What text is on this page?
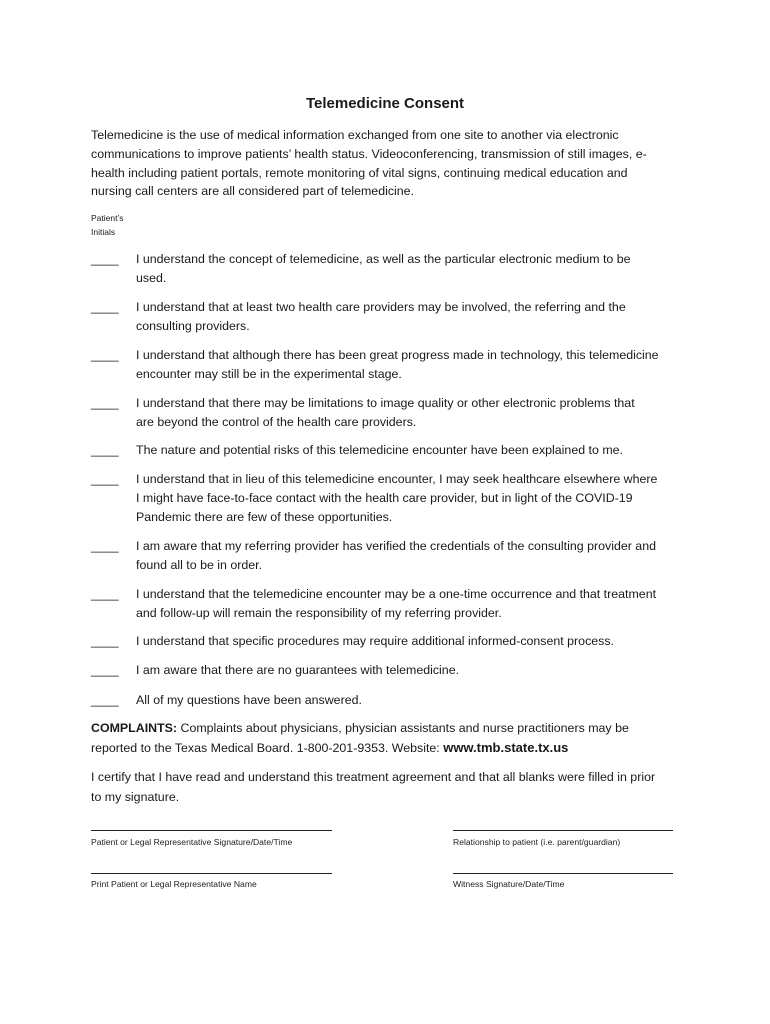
Telemedicine Consent
Telemedicine is the use of medical information exchanged from one site to another via electronic
communications to improve patients’ health status. Videoconferencing, transmission of still images, e-
health including patient portals, remote monitoring of vital signs, continuing medical education and
nursing call centers are all considered part of telemedicine.
Patient’s
Initials
____ I understand the concept of telemedicine, as well as the particular electronic medium to be
used.
____ I understand that at least two health care providers may be involved, the referring and the
consulting providers.
____ I understand that although there has been great progress made in technology, this telemedicine
encounter may still be in the experimental stage.
____ I understand that there may be limitations to image quality or other electronic problems that
are beyond the control of the health care providers.
____ The nature and potential risks of this telemedicine encounter have been explained to me.
____ I understand that in lieu of this telemedicine encounter, I may seek healthcare elsewhere where
I might have face-to-face contact with the health care provider, but in light of the COVID-19
Pandemic there are few of these opportunities.
____ I am aware that my referring provider has verified the credentials of the consulting provider and
found all to be in order.
____ I understand that the telemedicine encounter may be a one-time occurrence and that treatment
and follow-up will remain the responsibility of my referring provider.
____ I understand that specific procedures may require additional informed-consent process.
____ I am aware that there are no guarantees with telemedicine.
____ All of my questions have been answered.
COMPLAINTS: Complaints about physicians, physician assistants and nurse practitioners may be
reported to the Texas Medical Board. 1-800-201-9353. Website: www.tmb.state.tx.us
I certify that I have read and understand this treatment agreement and that all blanks were filled in prior
to my signature.
Patient or Legal Representative Signature/Date/Time	Relationship to patient (i.e. parent/guardian)
Print Patient or Legal Representative Name	Witness Signature/Date/Time
